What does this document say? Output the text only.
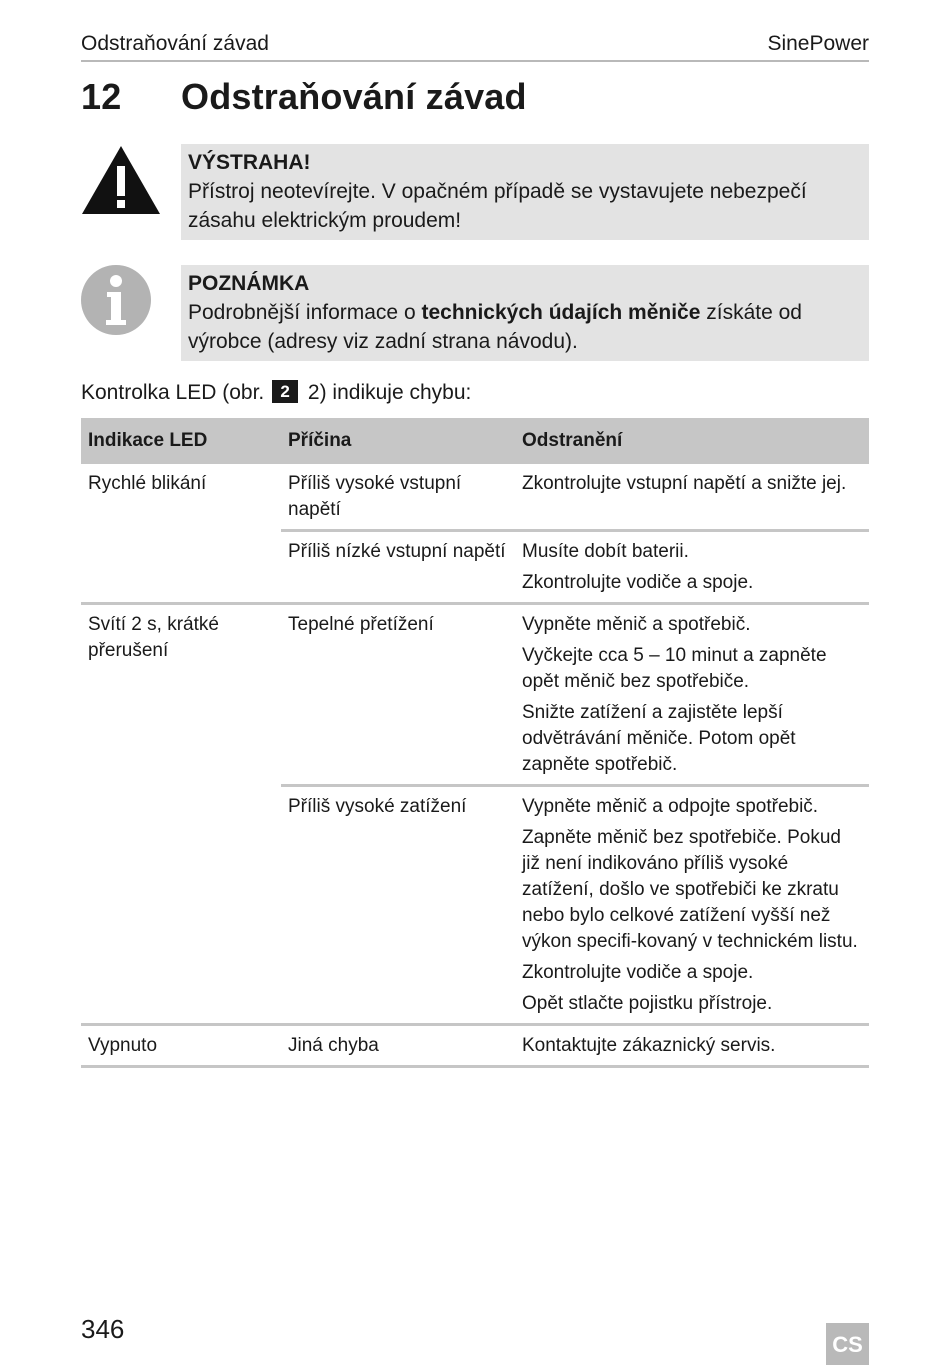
Odstraňování závad	SinePower
12 Odstraňování závad
VÝSTRAHA!
Přístroj neotevírejte. V opačném případě se vystavujete nebezpečí
zásahu elektrickým proudem!
POZNÁMKA
Podrobnější informace o technických údajích měniče získáte od
výrobce (adresy viz zadní strana návodu).
Kontrolka LED (obr. 2 2) indikuje chybu:
Indikace LED	Příčina	Odstranění
Rychlé blikání	Příliš vysoké vstupní napětí	Zkontrolujte vstupní napětí a snižte jej.

	Příliš nízké vstupní napětí	Musíte dobít baterii.
Zkontrolujte vodiče a spoje.

Svítí 2 s, krátké přerušení	Tepelné přetížení	Vypněte měnič a spotřebič.
Vyčkejte cca 5 – 10 minut a zapněte opět měnič bez spotřebiče.
Snižte zatížení a zajistěte lepší odvětrávání měniče. Potom opět zapněte spotřebič.

	Příliš vysoké zatížení	Vypněte měnič a odpojte spotřebič.
Zapněte měnič bez spotřebiče. Pokud již není indikováno příliš vysoké zatížení, došlo ve spotřebiči ke zkratu nebo bylo celkové zatížení vyšší než výkon specifi-kovaný v technickém listu.
Zkontrolujte vodiče a spoje.
Opět stlačte pojistku přístroje.

Vypnuto	Jiná chyba	Kontaktujte zákaznický servis.
346
CS
